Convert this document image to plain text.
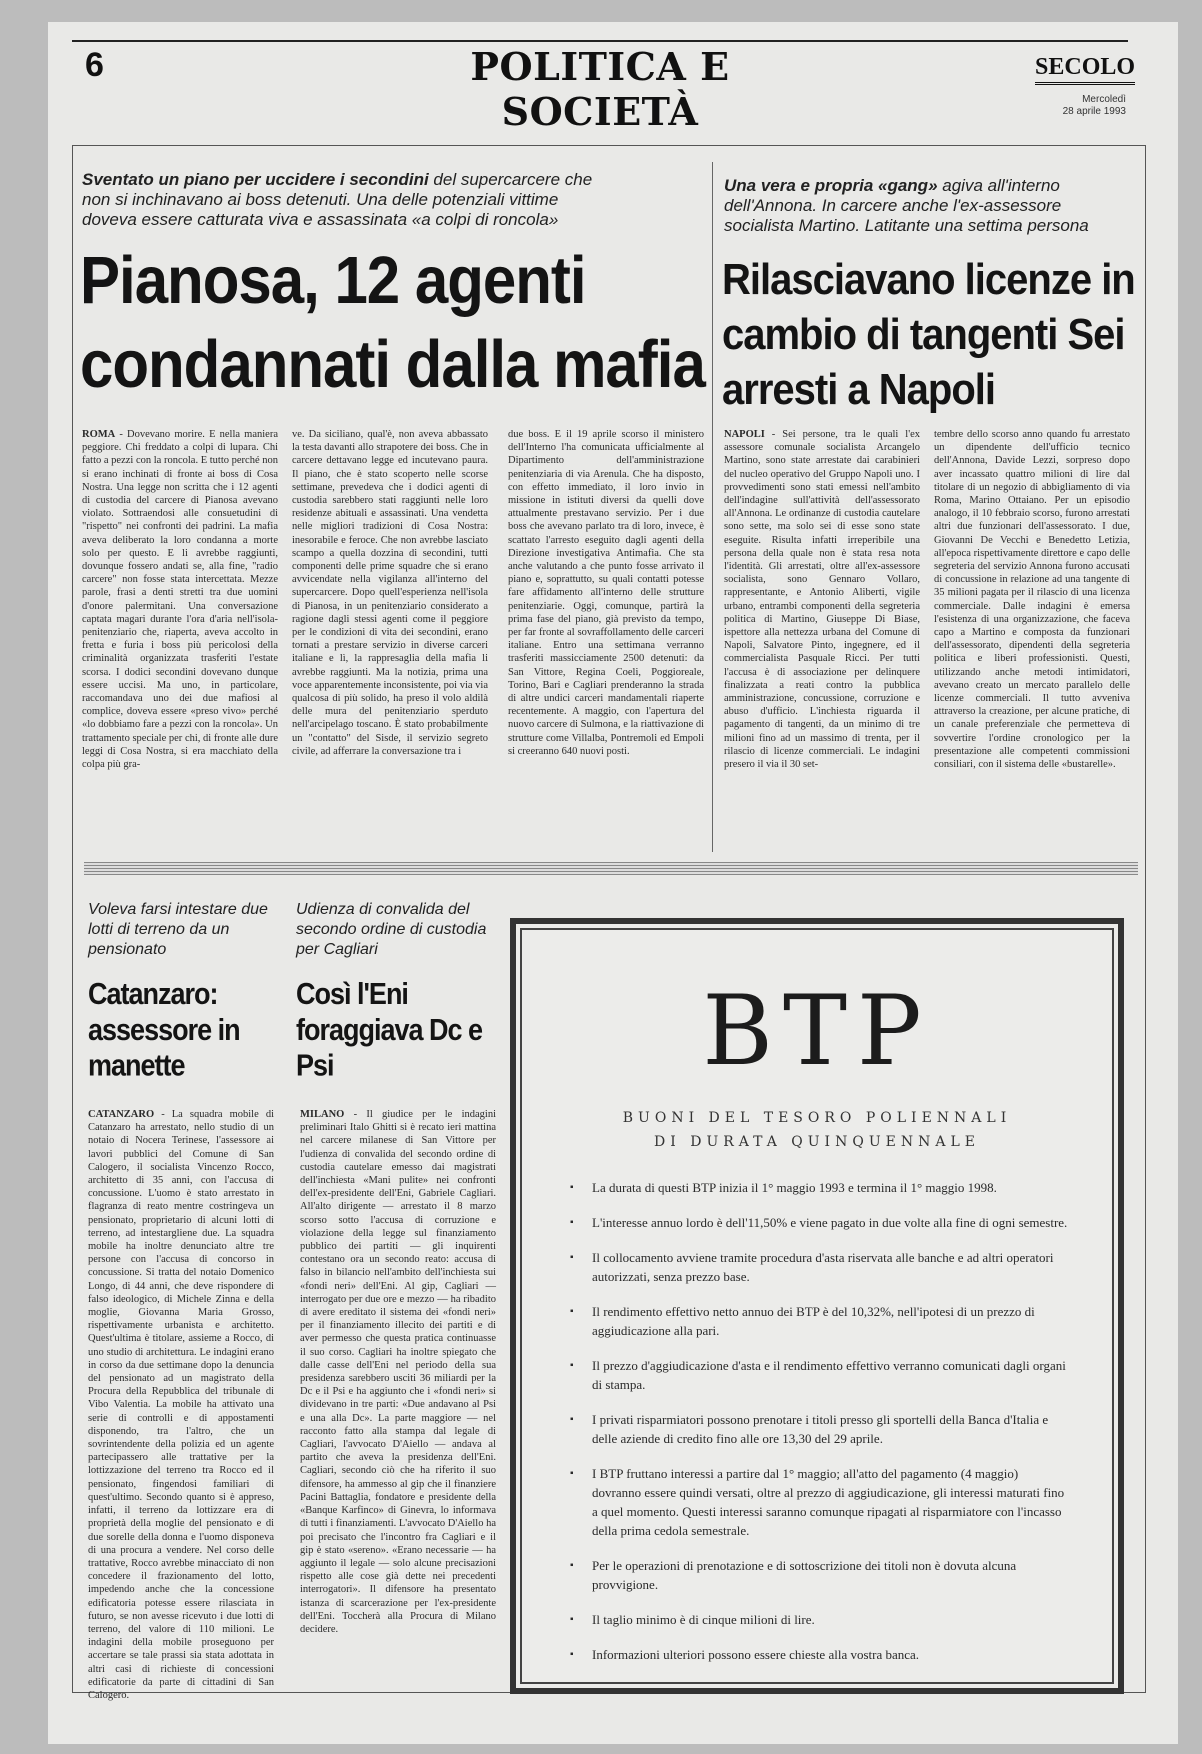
6	POLITICA E SOCIETÀ
SECOLO
Mercoledì
28 aprile 1993
Sventato un piano per uccidere i secondini del supercarcere che non si inchinavano ai boss detenuti. Una delle potenziali vittime doveva essere catturata viva e assassinata «a colpi di roncola»
Pianosa, 12 agenti condannati dalla mafia
ROMA - Dovevano morire. E nella maniera peggiore. Chi freddato a colpi di lupara. Chi fatto a pezzi con la roncola. E tutto perché non si erano inchinati di fronte ai boss di Cosa Nostra. Una legge non scritta che i 12 agenti di custodia del carcere di Pianosa avevano violato. Sottraendosi alle consuetudini di "rispetto" nei confronti dei padrini. La mafia aveva deliberato la loro condanna a morte solo per questo. E li avrebbe raggiunti, dovunque fossero andati se, alla fine, "radio carcere" non fosse stata intercettata. Mezze parole, frasi a denti stretti tra due uomini d'onore palermitani. Una conversazione captata magari durante l'ora d'aria nell'isola-penitenziario che, riaperta, aveva accolto in fretta e furia i boss più pericolosi della criminalità organizzata trasferiti l'estate scorsa. I dodici secondini dovevano dunque essere uccisi. Ma uno, in particolare, raccomandava uno dei due mafiosi al complice, doveva essere «preso vivo» perché «lo dobbiamo fare a pezzi con la roncola». Un trattamento speciale per chi, di fronte alle dure leggi di Cosa Nostra, si era macchiato della colpa più gra-
ve. Da siciliano, qual'è, non aveva abbassato la testa davanti allo strapotere dei boss. Che in carcere dettavano legge ed incutevano paura. Il piano, che è stato scoperto nelle scorse settimane, prevedeva che i dodici agenti di custodia sarebbero stati raggiunti nelle loro residenze abituali e assassinati. Una vendetta nelle migliori tradizioni di Cosa Nostra: inesorabile e feroce. Che non avrebbe lasciato scampo a quella dozzina di secondini, tutti componenti delle prime squadre che si erano avvicendate nella vigilanza all'interno del supercarcere. Dopo quell'esperienza nell'isola di Pianosa, in un penitenziario considerato a ragione dagli stessi agenti come il peggiore per le condizioni di vita dei secondini, erano tornati a prestare servizio in diverse carceri italiane e lì, la rappresaglia della mafia li avrebbe raggiunti. Ma la notizia, prima una voce apparentemente inconsistente, poi via via qualcosa di più solido, ha preso il volo aldilà delle mura del penitenziario sperduto nell'arcipelago toscano. È stato probabilmente un "contatto" del Sisde, il servizio segreto civile, ad afferrare la conversazione tra i
due boss. E il 19 aprile scorso il ministero dell'Interno l'ha comunicata ufficialmente al Dipartimento dell'amministrazione penitenziaria di via Arenula. Che ha disposto, con effetto immediato, il loro invio in missione in istituti diversi da quelli dove attualmente prestavano servizio. Per i due boss che avevano parlato tra di loro, invece, è scattato l'arresto eseguito dagli agenti della Direzione investigativa Antimafia. Che sta anche valutando a che punto fosse arrivato il piano e, soprattutto, su quali contatti potesse fare affidamento all'interno delle strutture penitenziarie. Oggi, comunque, partirà la prima fase del piano, già previsto da tempo, per far fronte al sovraffollamento delle carceri italiane. Entro una settimana verranno trasferiti massicciamente 2500 detenuti: da San Vittore, Regina Coeli, Poggioreale, Torino, Bari e Cagliari prenderanno la strada di altre undici carceri mandamentali riaperte recentemente. A maggio, con l'apertura del nuovo carcere di Sulmona, e la riattivazione di strutture come Villalba, Pontremoli ed Empoli si creeranno 640 nuovi posti.
Una vera e propria «gang» agiva all'interno dell'Annona. In carcere anche l'ex-assessore socialista Martino. Latitante una settima persona
Rilasciavano licenze in cambio di tangenti Sei arresti a Napoli
NAPOLI - Sei persone, tra le quali l'ex assessore comunale socialista Arcangelo Martino, sono state arrestate dai carabinieri del nucleo operativo del Gruppo Napoli uno. I provvedimenti sono stati emessi nell'ambito dell'indagine sull'attività dell'assessorato all'Annona. Le ordinanze di custodia cautelare sono sette, ma solo sei di esse sono state eseguite. Risulta infatti irreperibile una persona della quale non è stata resa nota l'identità. Gli arrestati, oltre all'ex-assessore socialista, sono Gennaro Vollaro, rappresentante, e Antonio Aliberti, vigile urbano, entrambi componenti della segreteria politica di Martino, Giuseppe Di Biase, ispettore alla nettezza urbana del Comune di Napoli, Salvatore Pinto, ingegnere, ed il commercialista Pasquale Ricci. Per tutti l'accusa è di associazione per delinquere finalizzata a reati contro la pubblica amministrazione, concussione, corruzione e abuso d'ufficio. L'inchiesta riguarda il pagamento di tangenti, da un minimo di tre milioni fino ad un massimo di trenta, per il rilascio di licenze commerciali. Le indagini presero il via il 30 set-
tembre dello scorso anno quando fu arrestato un dipendente dell'ufficio tecnico dell'Annona, Davide Lezzi, sorpreso dopo aver incassato quattro milioni di lire dal titolare di un negozio di abbigliamento di via Roma, Marino Ottaiano. Per un episodio analogo, il 10 febbraio scorso, furono arrestati altri due funzionari dell'assessorato. I due, Giovanni De Vecchi e Benedetto Letizia, all'epoca rispettivamente direttore e capo delle segreteria del servizio Annona furono accusati di concussione in relazione ad una tangente di 35 milioni pagata per il rilascio di una licenza commerciale. Dalle indagini è emersa l'esistenza di una organizzazione, che faceva capo a Martino e composta da funzionari dell'assessorato, dipendenti della segreteria politica e liberi professionisti. Questi, utilizzando anche metodi intimidatori, avevano creato un mercato parallelo delle licenze commerciali. Il tutto avveniva attraverso la creazione, per alcune pratiche, di un canale preferenziale che permetteva di sovvertire l'ordine cronologico per la presentazione alle competenti commissioni consiliari, con il sistema delle «bustarelle».
Voleva farsi intestare due lotti di terreno da un pensionato
Catanzaro: assessore in manette
CATANZARO - La squadra mobile di Catanzaro ha arrestato, nello studio di un notaio di Nocera Terinese, l'assessore ai lavori pubblici del Comune di San Calogero, il socialista Vincenzo Rocco, architetto di 35 anni, con l'accusa di concussione. L'uomo è stato arrestato in flagranza di reato mentre costringeva un pensionato, proprietario di alcuni lotti di terreno, ad intestargliene due. La squadra mobile ha inoltre denunciato altre tre persone con l'accusa di concorso in concussione. Si tratta del notaio Domenico Longo, di 44 anni, che deve rispondere di falso ideologico, di Michele Zinna e della moglie, Giovanna Maria Grosso, rispettivamente urbanista e architetto. Quest'ultima è titolare, assieme a Rocco, di uno studio di architettura. Le indagini erano in corso da due settimane dopo la denuncia del pensionato ad un magistrato della Procura della Repubblica del tribunale di Vibo Valentia. La mobile ha attivato una serie di controlli e di appostamenti disponendo, tra l'altro, che un sovrintendente della polizia ed un agente partecipassero alle trattative per la lottizzazione del terreno tra Rocco ed il pensionato, fingendosi familiari di quest'ultimo. Secondo quanto si è appreso, infatti, il terreno da lottizzare era di proprietà della moglie del pensionato e di due sorelle della donna e l'uomo disponeva di una procura a vendere. Nel corso delle trattative, Rocco avrebbe minacciato di non concedere il frazionamento del lotto, impedendo anche che la concessione edificatoria potesse essere rilasciata in futuro, se non avesse ricevuto i due lotti di terreno, del valore di 110 milioni. Le indagini della mobile proseguono per accertare se tale prassi sia stata adottata in altri casi di richieste di concessioni edificatorie da parte di cittadini di San Calogero.
Udienza di convalida del secondo ordine di custodia per Cagliari
Così l'Eni foraggiava Dc e Psi
MILANO - Il giudice per le indagini preliminari Italo Ghitti si è recato ieri mattina nel carcere milanese di San Vittore per l'udienza di convalida del secondo ordine di custodia cautelare emesso dai magistrati dell'inchiesta «Mani pulite» nei confronti dell'ex-presidente dell'Eni, Gabriele Cagliari. All'alto dirigente — arrestato il 8 marzo scorso sotto l'accusa di corruzione e violazione della legge sul finanziamento pubblico dei partiti — gli inquirenti contestano ora un secondo reato: accusa di falso in bilancio nell'ambito dell'inchiesta sui «fondi neri» dell'Eni. Al gip, Cagliari — interrogato per due ore e mezzo — ha ribadito di avere ereditato il sistema dei «fondi neri» per il finanziamento illecito dei partiti e di aver permesso che questa pratica continuasse il suo corso. Cagliari ha inoltre spiegato che dalle casse dell'Eni nel periodo della sua presidenza sarebbero usciti 36 miliardi per la Dc e il Psi e ha aggiunto che i «fondi neri» si dividevano in tre parti: «Due andavano al Psi e una alla Dc». La parte maggiore — nel racconto fatto alla stampa dal legale di Cagliari, l'avvocato D'Aiello — andava al partito che aveva la presidenza dell'Eni. Cagliari, secondo ciò che ha riferito il suo difensore, ha ammesso al gip che il finanziere Pacini Battaglia, fondatore e presidente della «Banque Karfinco» di Ginevra, lo informava di tutti i finanziamenti. L'avvocato D'Aiello ha poi precisato che l'incontro fra Cagliari e il gip è stato «sereno». «Erano necessarie — ha aggiunto il legale — solo alcune precisazioni rispetto alle cose già dette nei precedenti interrogatori». Il difensore ha presentato istanza di scarcerazione per l'ex-presidente dell'Eni. Toccherà alla Procura di Milano decidere.
BTP
BUONI DEL TESORO POLIENNALI
DI DURATA QUINQUENNALE
▪ La durata di questi BTP inizia il 1° maggio 1993 e termina il 1° maggio 1998.
▪ L'interesse annuo lordo è dell'11,50% e viene pagato in due volte alla fine di ogni semestre.
▪ Il collocamento avviene tramite procedura d'asta riservata alle banche e ad altri operatori autorizzati, senza prezzo base.
▪ Il rendimento effettivo netto annuo dei BTP è del 10,32%, nell'ipotesi di un prezzo di aggiudicazione alla pari.
▪ Il prezzo d'aggiudicazione d'asta e il rendimento effettivo verranno comunicati dagli organi di stampa.
▪ I privati risparmiatori possono prenotare i titoli presso gli sportelli della Banca d'Italia e delle aziende di credito fino alle ore 13,30 del 29 aprile.
▪ I BTP fruttano interessi a partire dal 1° maggio; all'atto del pagamento (4 maggio) dovranno essere quindi versati, oltre al prezzo di aggiudicazione, gli interessi maturati fino a quel momento. Questi interessi saranno comunque ripagati al risparmiatore con l'incasso della prima cedola semestrale.
▪ Per le operazioni di prenotazione e di sottoscrizione dei titoli non è dovuta alcuna provvigione.
▪ Il taglio minimo è di cinque milioni di lire.
▪ Informazioni ulteriori possono essere chieste alla vostra banca.
